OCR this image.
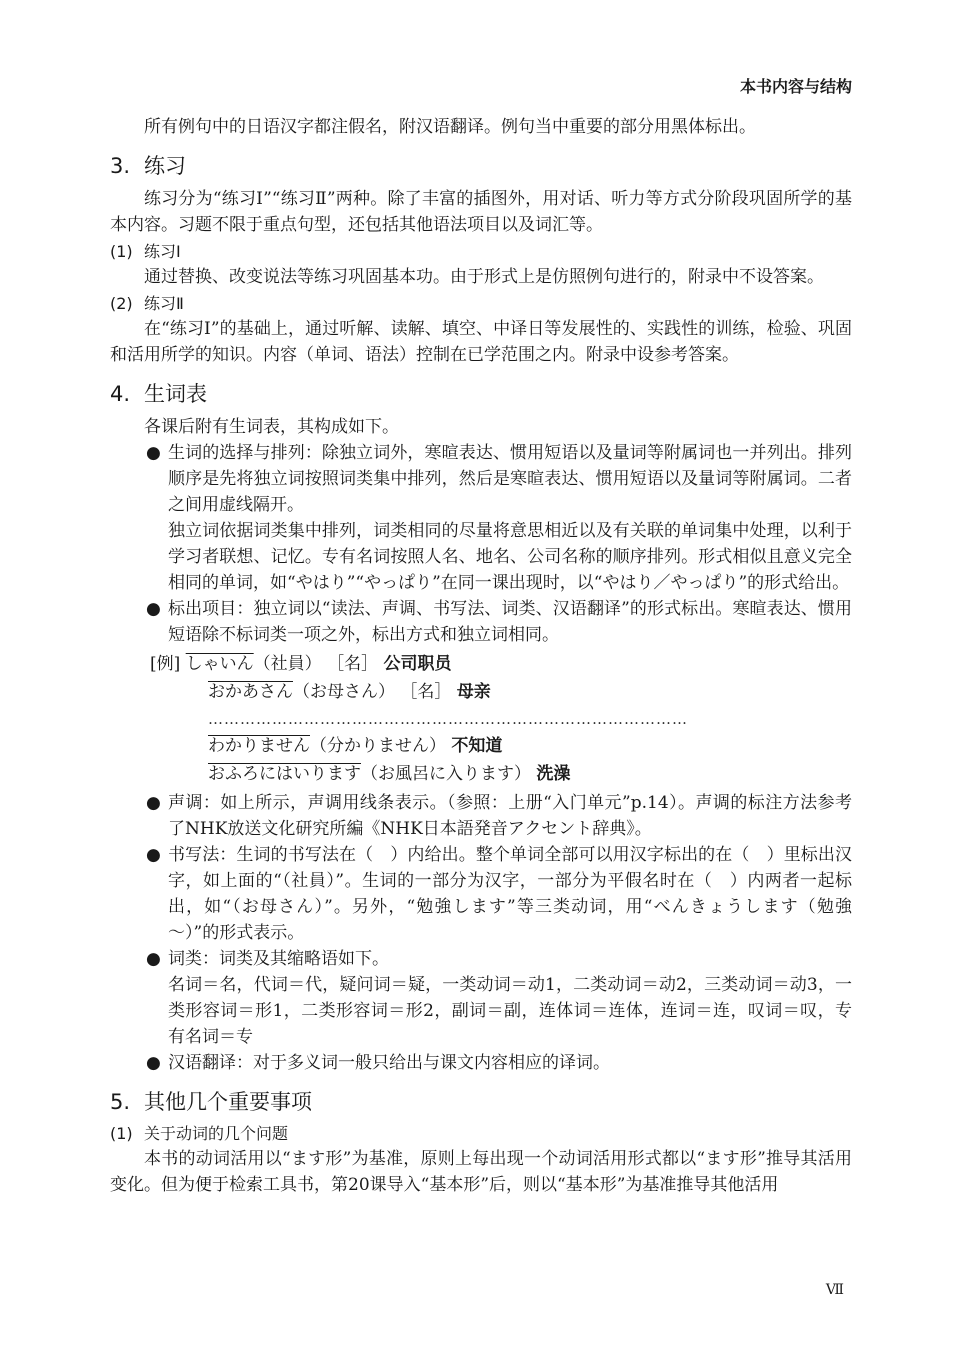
本书内容与结构

所有例句中的日语汉字都注假名，附汉语翻译。例句当中重要的部分用黑体标出。

3. 练习

练习分为“练习Ⅰ”“练习Ⅱ”两种。除了丰富的插图外，用对话、听力等方式分阶段巩固所学的基本内容。习题不限于重点句型，还包括其他语法项目以及词汇等。

(1) 练习Ⅰ

通过替换、改变说法等练习巩固基本功。由于形式上是仿照例句进行的，附录中不设答案。

(2) 练习Ⅱ

在“练习Ⅰ”的基础上，通过听解、读解、填空、中译日等发展性的、实践性的训练，检验、巩固和活用所学的知识。内容（单词、语法）控制在已学范围之内。附录中设参考答案。

4. 生词表

各课后附有生词表，其构成如下。

● 生词的选择与排列：除独立词外，寒暄表达、惯用短语以及量词等附属词也一并列出。排列顺序是先将独立词按照词类集中排列，然后是寒暄表达、惯用短语以及量词等附属词。二者之间用虚线隔开。

独立词依据词类集中排列，词类相同的尽量将意思相近以及有关联的单词集中处理，以利于学习者联想、记忆。专有名词按照人名、地名、公司名称的顺序排列。形式相似且意义完全相同的单词，如“やはり”“やっぱり”在同一课出现时，以“やはり／やっぱり”的形式给出。

● 标出项目：独立词以“读法、声调、书写法、词类、汉语翻译”的形式标出。寒暄表达、惯用短语除不标词类一项之外，标出方式和独立词相同。

[例] しゃいん（社員） ［名］ 公司职员
おかあさん（お母さん） ［名］ 母亲
………………………………………………………………………………
わかりません（分かりません） 不知道
おふろにはいります（お風呂に入ります） 洗澡

● 声调：如上所示，声调用线条表示。（参照：上册“入门单元”p.14）。声调的标注方法参考了NHK放送文化研究所編《NHK日本語発音アクセント辞典》。

● 书写法：生词的书写法在（　）内给出。整个单词全部可以用汉字标出的在（　）里标出汉字，如上面的“（社員）”。生词的一部分为汉字，一部分为平假名时在（　）内两者一起标出，如“（お母さん）”。另外，“勉強します”等三类动词，用“べんきょうします（勉強～）”的形式表示。

● 词类：词类及其缩略语如下。

名词＝名，代词＝代，疑问词＝疑，一类动词＝动1，二类动词＝动2，三类动词＝动3，一类形容词＝形1，二类形容词＝形2，副词＝副，连体词＝连体，连词＝连，叹词＝叹，专有名词＝专

● 汉语翻译：对于多义词一般只给出与课文内容相应的译词。

5. 其他几个重要事项
(1) 关于动词的几个问题

本书的动词活用以“ます形”为基准，原则上每出现一个动词活用形式都以“ます形”推导其活用变化。但为便于检索工具书，第20课导入“基本形”后，则以“基本形”为基准推导其他活用

Ⅶ
